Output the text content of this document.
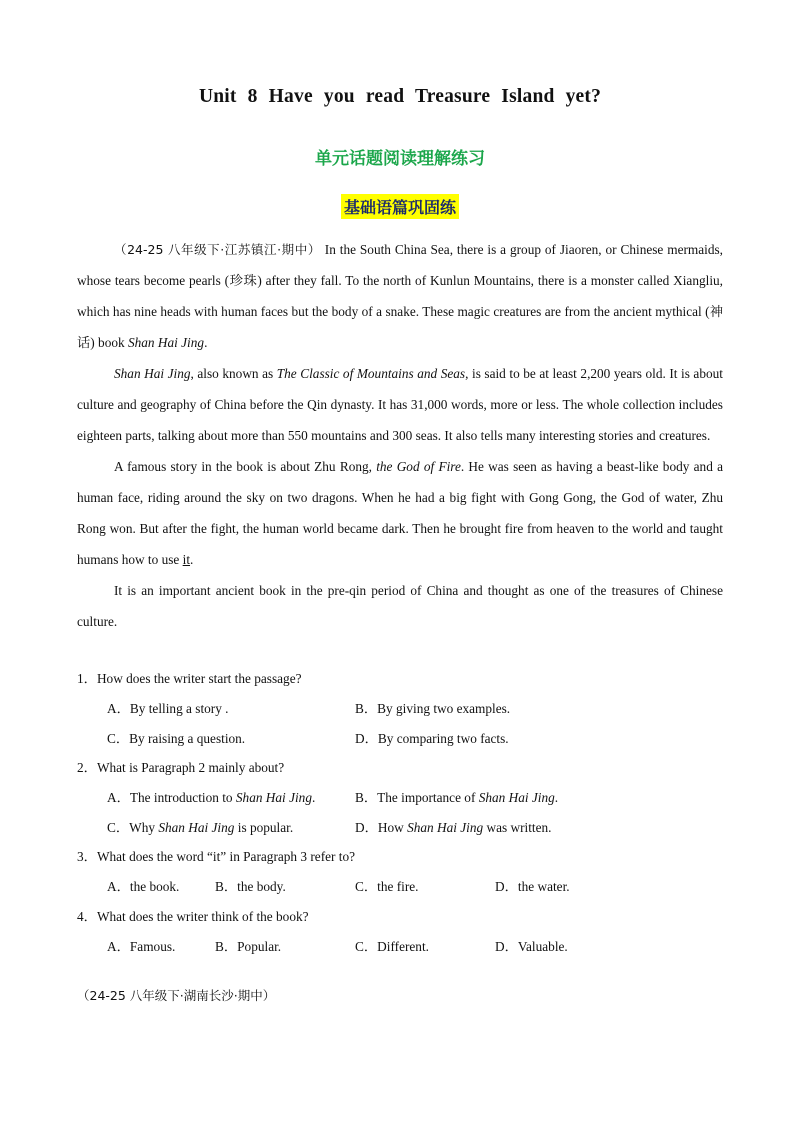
Unit 8 Have you read Treasure Island yet?
单元话题阅读理解练习
基础语篇巩固练

（24-25 八年级下·江苏镇江·期中） In the South China Sea, there is a group of Jiaoren, or Chinese mermaids, whose tears become pearls (珍珠) after they fall. To the north of Kunlun Mountains, there is a monster called Xiangliu, which has nine heads with human faces but the body of a snake. These magic creatures are from the ancient mythical (神话) book Shan Hai Jing.

Shan Hai Jing, also known as The Classic of Mountains and Seas, is said to be at least 2,200 years old. It is about culture and geography of China before the Qin dynasty. It has 31,000 words, more or less. The whole collection includes eighteen parts, talking about more than 550 mountains and 300 seas. It also tells many interesting stories and creatures.

A famous story in the book is about Zhu Rong, the God of Fire. He was seen as having a beast-like body and a human face, riding around the sky on two dragons. When he had a big fight with Gong Gong, the God of water, Zhu Rong won. But after the fight, the human world became dark. Then he brought fire from heaven to the world and taught humans how to use it.

It is an important ancient book in the pre-qin period of China and thought as one of the treasures of Chinese culture.

1．How does the writer start the passage?
A．By telling a story .	B．By giving two examples.
C．By raising a question.	D．By comparing two facts.
2．What is Paragraph 2 mainly about?
A．The introduction to Shan Hai Jing.	B．The importance of Shan Hai Jing.
C．Why Shan Hai Jing is popular.	D．How Shan Hai Jing was written.
3．What does the word “it” in Paragraph 3 refer to?
A．the book.	B．the body.	C．the fire.	D．the water.
4．What does the writer think of the book?
A．Famous.	B．Popular.	C．Different.	D．Valuable.
（24-25 八年级下·湖南长沙·期中）
